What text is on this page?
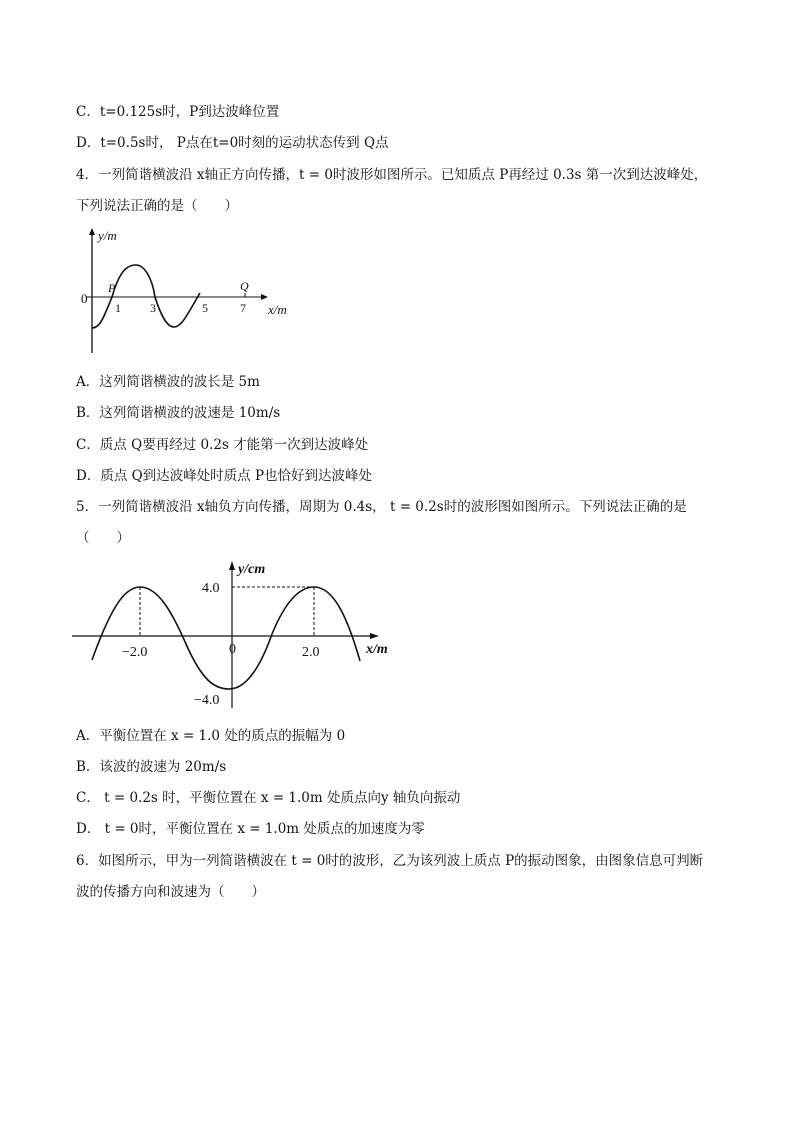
C．t=0.125s时，P到达波峰位置
D．t=0.5s时， P点在t=0时刻的运动状态传到 Q点
4．一列简谐横波沿 x轴正方向传播，t = 0时波形如图所示。已知质点 P再经过 0.3s 第一次到达波峰处，
下列说法正确的是（　　）
y/m
0
P
1 3	5
Q
7 x/m
A．这列简谐横波的波长是 5m
B．这列简谐横波的波速是 10m/s
C．质点 Q要再经过 0.2s 才能第一次到达波峰处
D．质点 Q到达波峰处时质点 P也恰好到达波峰处
5．一列简谐横波沿 x轴负方向传播，周期为 0.4s， t = 0.2s时的波形图如图所示。下列说法正确的是
（　　）
y/cm
4.0
0
−2.0	2.0	x/m
−4.0
A．平衡位置在 x = 1.0 处的质点的振幅为 0
B．该波的波速为 20m/s
C． t = 0.2s 时，平衡位置在 x = 1.0m 处质点向y 轴负向振动
D． t = 0时，平衡位置在 x = 1.0m 处质点的加速度为零
6．如图所示，甲为一列简谐横波在 t = 0时的波形，乙为该列波上质点 P的振动图象，由图象信息可判断
波的传播方向和波速为（　　）
